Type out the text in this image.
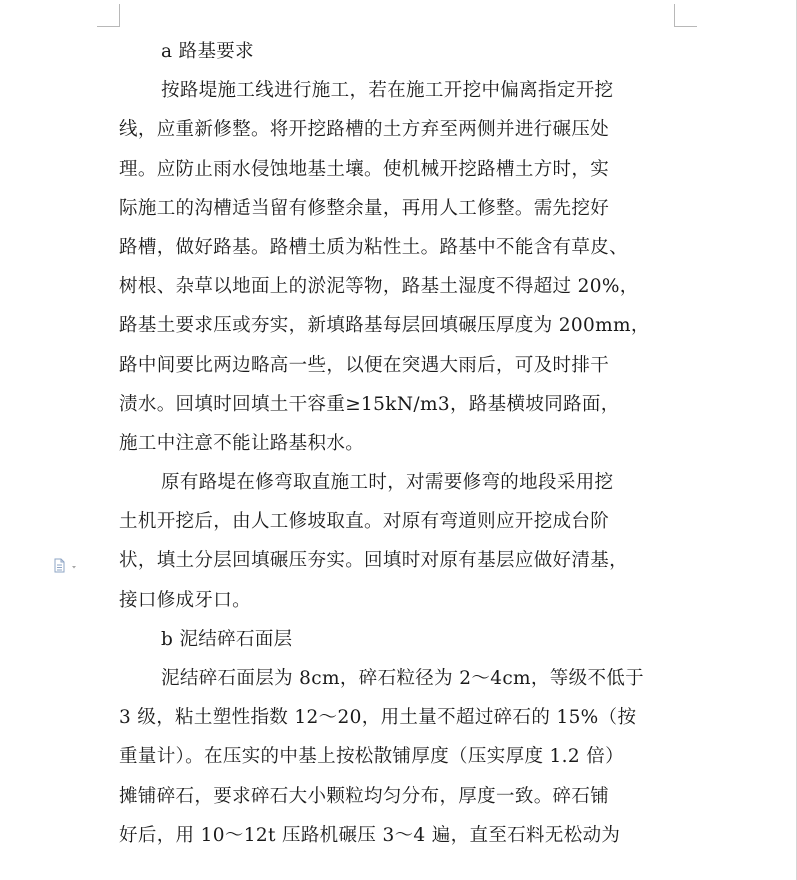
a 路基要求
按路堤施工线进行施工，若在施工开挖中偏离指定开挖
线，应重新修整。将开挖路槽的土方弃至两侧并进行碾压处
理。应防止雨水侵蚀地基土壤。使机械开挖路槽土方时，实
际施工的沟槽适当留有修整余量，再用人工修整。需先挖好
路槽，做好路基。路槽土质为粘性土。路基中不能含有草皮、
树根、杂草以地面上的淤泥等物，路基土湿度不得超过 20%，
路基土要求压或夯实，新填路基每层回填碾压厚度为 200mm，
路中间要比两边略高一些，以便在突遇大雨后，可及时排干
渍水。回填时回填土干容重≥15kN/m3，路基横坡同路面，
施工中注意不能让路基积水。
原有路堤在修弯取直施工时，对需要修弯的地段采用挖
土机开挖后，由人工修坡取直。对原有弯道则应开挖成台阶
状，填土分层回填碾压夯实。回填时对原有基层应做好清基，
接口修成牙口。
b 泥结碎石面层
泥结碎石面层为 8cm，碎石粒径为 2～4cm，等级不低于
3 级，粘土塑性指数 12～20，用土量不超过碎石的 15%（按
重量计）。在压实的中基上按松散铺厚度（压实厚度 1.2 倍）
摊铺碎石，要求碎石大小颗粒均匀分布，厚度一致。碎石铺
好后，用 10～12t 压路机碾压 3～4 遍，直至石料无松动为
